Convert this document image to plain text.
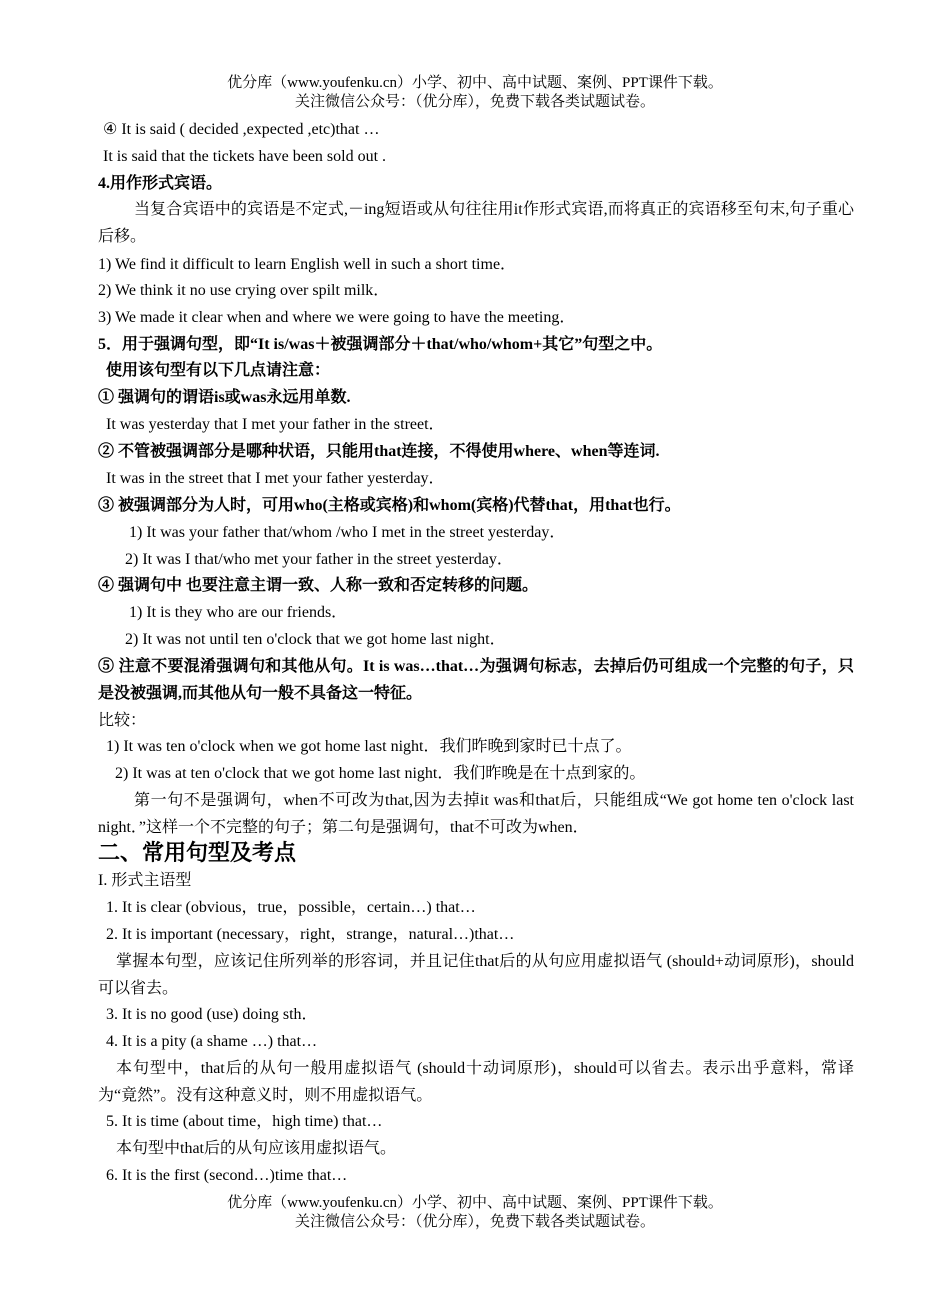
优分库（www.youfenku.cn）小学、初中、高中试题、案例、PPT课件下载。
关注微信公众号：（优分库），免费下载各类试题试卷。
④ It is said ( decided ,expected ,etc)that …
It is said that the tickets have been sold out .
4.用作形式宾语。
当复合宾语中的宾语是不定式,－ing短语或从句往往用it作形式宾语,而将真正的宾语移至句末,句子重心后移。
1) We find it difficult to learn English well in such a short time．
2) We think it no use crying over spilt milk．
3) We made it clear when and where we were going to have the meeting．
5．用于强调句型，即“It is/was＋被强调部分＋that/who/whom+其它”句型之中。
使用该句型有以下几点请注意：
① 强调句的谓语is或was永远用单数.
It was yesterday that I met your father in the street．
② 不管被强调部分是哪种状语，只能用that连接，不得使用where、when等连词.
It was in the street that I met your father yesterday．
③ 被强调部分为人时，可用who(主格或宾格)和whom(宾格)代替that，用that也行。
1) It was your father that/whom /who I met in the street yesterday．
2) It was I that/who met your father in the street yesterday．
④ 强调句中 也要注意主谓一致、人称一致和否定转移的问题。
1) It is they who are our friends．
2) It was not until ten o'clock that we got home last night．
⑤ 注意不要混淆强调句和其他从句。It is was…that…为强调句标志，去掉后仍可组成一个完整的句子，只是没被强调,而其他从句一般不具备这一特征。
比较：
1) It was ten o'clock when we got home last night．我们昨晚到家时已十点了。
2) It was at ten o'clock that we got home last night．我们昨晚是在十点到家的。
第一句不是强调句，when不可改为that,因为去掉it was和that后，只能组成“We got home ten o'clock last night．”这样一个不完整的句子；第二句是强调句，that不可改为when．
二、常用句型及考点
I. 形式主语型
1. It is clear (obvious，true，possible，certain…) that…
2. It is important (necessary，right，strange，natural…)that…
掌握本句型，应该记住所列举的形容词，并且记住that后的从句应用虚拟语气 (should+动词原形)，should可以省去。
3. It is no good (use) doing sth．
4. It is a pity (a shame …) that…
本句型中，that后的从句一般用虚拟语气 (should十动词原形)，should可以省去。表示出乎意料，常译为“竟然”。没有这种意义时，则不用虚拟语气。
5. It is time (about time，high time) that…
本句型中that后的从句应该用虚拟语气。
6. It is the first (second…)time that…
优分库（www.youfenku.cn）小学、初中、高中试题、案例、PPT课件下载。
关注微信公众号：（优分库），免费下载各类试题试卷。
